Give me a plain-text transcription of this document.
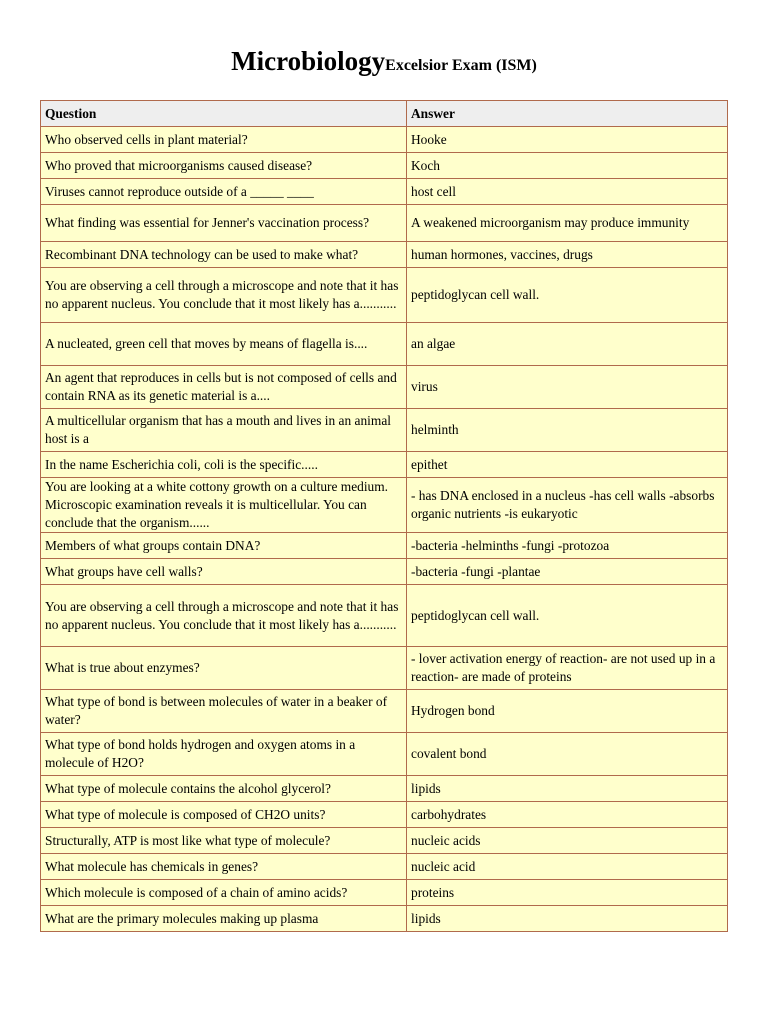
MicrobiologyExcelsior Exam (ISM)
Question	Answer
Who observed cells in plant material?	Hooke
Who proved that microorganisms caused disease?	Koch
Viruses cannot reproduce outside of a _____ ____	host cell
What finding was essential for Jenner's vaccination process?	A weakened microorganism may produce immunity
Recombinant DNA technology can be used to make what?	human hormones, vaccines, drugs
You are observing a cell through a microscope and note that it has no apparent nucleus. You conclude that it most likely has a...........	peptidoglycan cell wall.
A nucleated, green cell that moves by means of flagella is....	an algae
An agent that reproduces in cells but is not composed of cells and contain RNA as its genetic material is a....	virus
A multicellular organism that has a mouth and lives in an animal host is a	helminth
In the name Escherichia coli, coli is the specific.....	epithet
You are looking at a white cottony growth on a culture medium. Microscopic examination reveals it is multicellular. You can conclude that the organism......	- has DNA enclosed in a nucleus -has cell walls -absorbs organic nutrients -is eukaryotic
Members of what groups contain DNA?	-bacteria -helminths -fungi -protozoa
What groups have cell walls?	-bacteria -fungi -plantae
You are observing a cell through a microscope and note that it has no apparent nucleus. You conclude that it most likely has a...........	peptidoglycan cell wall.
What is true about enzymes?	- lover activation energy of reaction- are not used up in a reaction- are made of proteins
What type of bond is between molecules of water in a beaker of water?	Hydrogen bond
What type of bond holds hydrogen and oxygen atoms in a molecule of H2O?	covalent bond
What type of molecule contains the alcohol glycerol?	lipids
What type of molecule is composed of CH2O units?	carbohydrates
Structurally, ATP is most like what type of molecule?	nucleic acids
What molecule has chemicals in genes?	nucleic acid
Which molecule is composed of a chain of amino acids?	proteins
What are the primary molecules making up plasma	lipids
